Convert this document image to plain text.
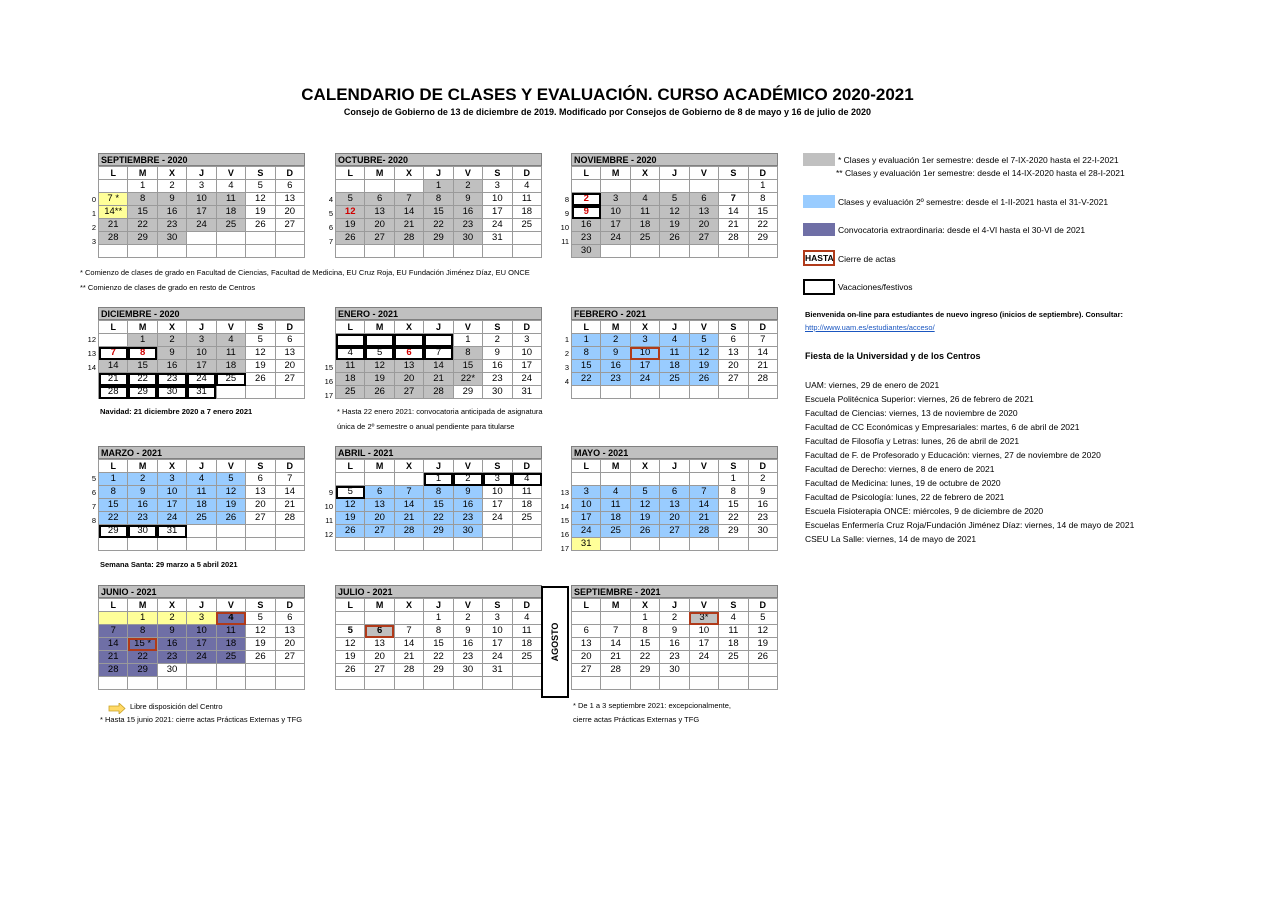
CALENDARIO DE CLASES Y EVALUACIÓN. CURSO ACADÉMICO 2020-2021
Consejo de Gobierno de 13 de diciembre de 2019. Modificado por Consejos de Gobierno de 8 de mayo y 16 de julio de 2020
SEPTIEMBRE - 2020
L	M	X	J	V	S	D
	1	2	3	4	5	6
7 *	8	9	10	11	12	13
14**	15	16	17	18	19	20
21	22	23	24	25	26	27
28	29	30				

0
1
2
3
OCTUBRE- 2020
L	M	X	J	V	S	D
			1	2	3	4
5	6	7	8	9	10	11
12	13	14	15	16	17	18
19	20	21	22	23	24	25
26	27	28	29	30	31	

4
5
6
7
NOVIEMBRE - 2020
L	M	X	J	V	S	D
						1
2	3	4	5	6	7	8
9	10	11	12	13	14	15
16	17	18	19	20	21	22
23	24	25	26	27	28	29
30						
8
9
10
11
DICIEMBRE - 2020
L	M	X	J	V	S	D
	1	2	3	4	5	6
7	8	9	10	11	12	13
14	15	16	17	18	19	20
21	22	23	24	25	26	27
28	29	30	31			
12
13
14
ENERO - 2021
L	M	X	J	V	S	D
				1	2	3
4	5	6	7	8	9	10
11	12	13	14	15	16	17
18	19	20	21	22*	23	24
25	26	27	28	29	30	31
15
16
17
FEBRERO - 2021
L	M	X	J	V	S	D
1	2	3	4	5	6	7
8	9	10	11	12	13	14
15	16	17	18	19	20	21
22	23	24	25	26	27	28

1
2
3
4
MARZO - 2021
L	M	X	J	V	S	D
1	2	3	4	5	6	7
8	9	10	11	12	13	14
15	16	17	18	19	20	21
22	23	24	25	26	27	28
29	30	31				

5
6
7
8
ABRIL - 2021
L	M	X	J	V	S	D
			1	2	3	4
5	6	7	8	9	10	11
12	13	14	15	16	17	18
19	20	21	22	23	24	25
26	27	28	29	30		

9
10
11
12
MAYO - 2021
L	M	X	J	V	S	D
					1	2
3	4	5	6	7	8	9
10	11	12	13	14	15	16
17	18	19	20	21	22	23
24	25	26	27	28	29	30
31						
13
14
15
16
17
JUNIO - 2021
L	M	X	J	V	S	D
	1	2	3	4	5	6
7	8	9	10	11	12	13
14	15 *	16	17	18	19	20
21	22	23	24	25	26	27
28	29	30				

JULIO - 2021
L	M	X	J	V	S	D
			1	2	3	4
5	6	7	8	9	10	11
12	13	14	15	16	17	18
19	20	21	22	23	24	25
26	27	28	29	30	31	

SEPTIEMBRE - 2021
L	M	X	J	V	S	D
		1	2	3*	4	5
6	7	8	9	10	11	12
13	14	15	16	17	18	19
20	21	22	23	24	25	26
27	28	29	30			

AGOSTO
* Comienzo de clases de grado en Facultad de Ciencias, Facultad de Medicina, EU Cruz Roja, EU Fundación Jiménez Díaz, EU ONCE
** Comienzo de clases de grado en resto de Centros
Navidad: 21 diciembre 2020 a 7 enero 2021	* Hasta 22 enero 2021: convocatoria anticipada de asignatura
única de 2º semestre o anual pendiente para titularse
Semana Santa: 29 marzo a 5 abril 2021
Libre disposición del Centro
* Hasta 15 junio 2021: cierre actas Prácticas Externas y TFG
* De 1 a 3 septiembre 2021: excepcionalmente,
cierre actas Prácticas Externas y TFG
* Clases y evaluación 1er semestre: desde el 7-IX-2020 hasta el 22-I-2021
** Clases y evaluación 1er semestre: desde el 14-IX-2020 hasta el 28-I-2021
Clases y evaluación 2º semestre: desde el 1-II-2021 hasta el 31-V-2021
Convocatoria extraordinaria: desde el 4-VI hasta el 30-VI de 2021
HASTA Cierre de actas
Vacaciones/festivos
Bienvenida on-line para estudiantes de nuevo ingreso (inicios de septiembre). Consultar:
http://www.uam.es/estudiantes/acceso/
Fiesta de la Universidad y de los Centros
UAM: viernes, 29 de enero de 2021
Escuela Politécnica Superior: viernes, 26 de febrero de 2021
Facultad de Ciencias: viernes, 13 de noviembre de 2020
Facultad de CC Económicas y Empresariales: martes, 6 de abril de 2021
Facultad de Filosofía y Letras: lunes, 26 de abril de 2021
Facultad de F. de Profesorado y Educación: viernes, 27 de noviembre de 2020
Facultad de Derecho: viernes, 8 de enero de 2021
Facultad de Medicina: lunes, 19 de octubre de 2020
Facultad de Psicología: lunes, 22 de febrero de 2021
Escuela Fisioterapia ONCE: miércoles, 9 de diciembre de 2020
Escuelas Enfermería Cruz Roja/Fundación Jiménez Díaz: viernes, 14 de mayo de 2021
CSEU La Salle: viernes, 14 de mayo de 2021
